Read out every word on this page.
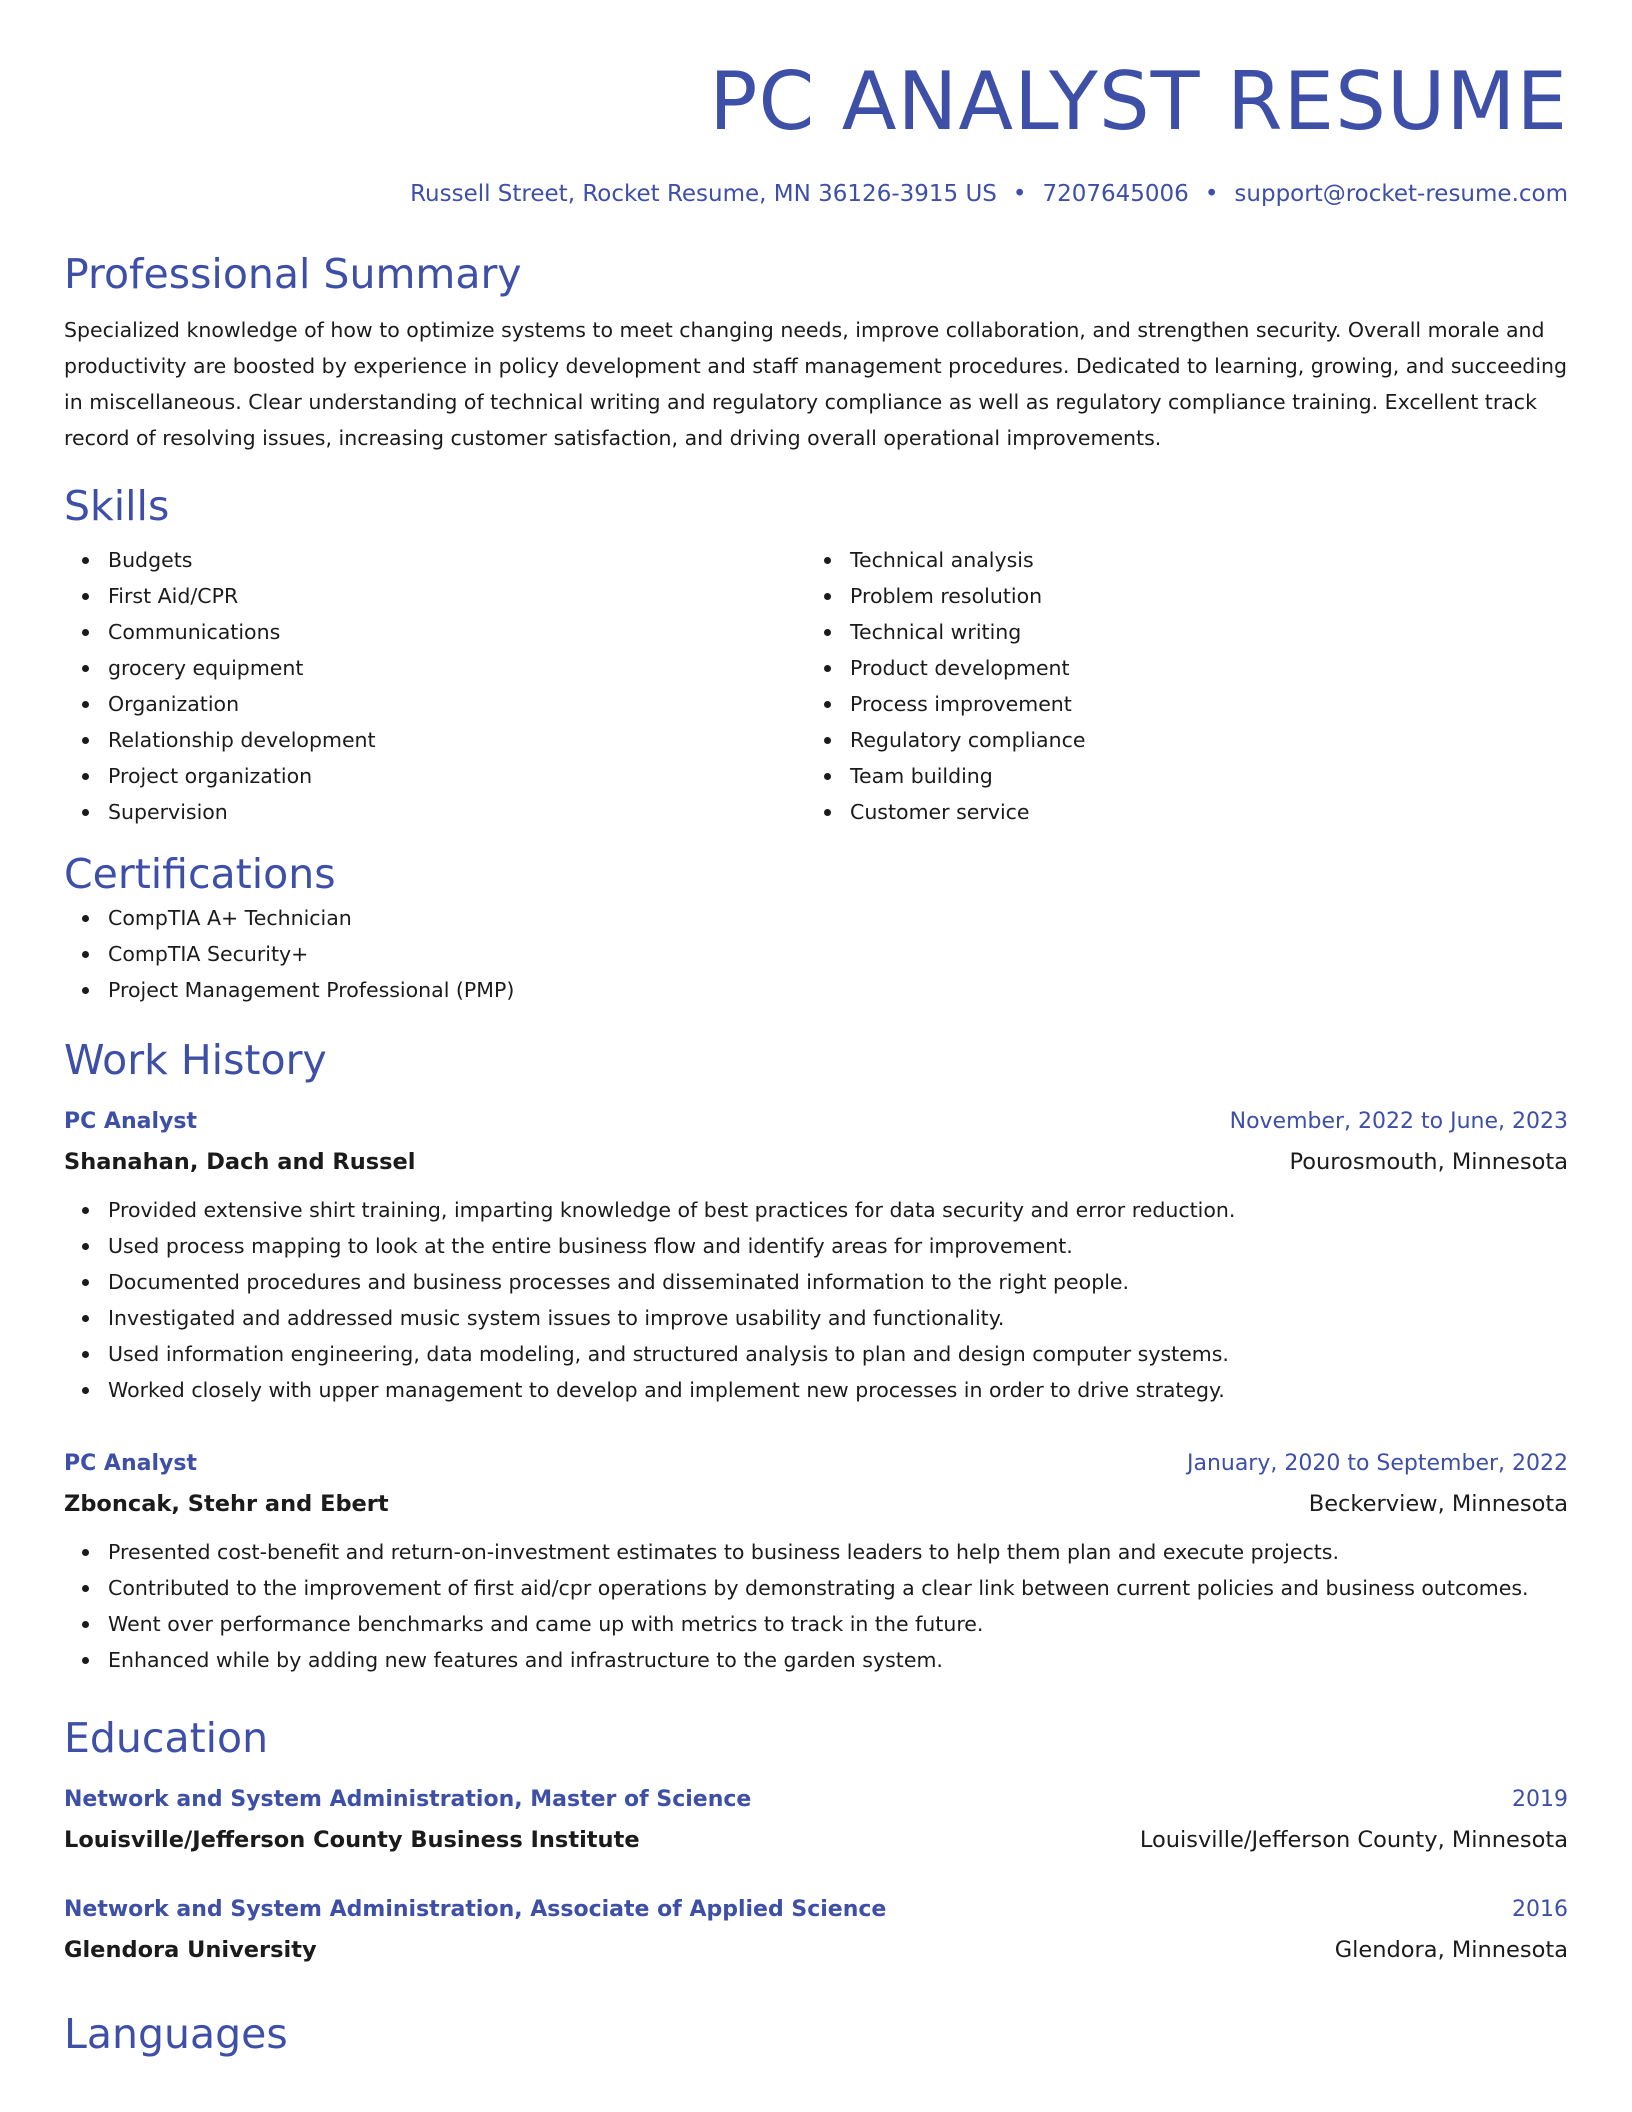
PC ANALYST RESUME
Russell Street, Rocket Resume, MN 36126-3915 US • 7207645006 • support@rocket-resume.com
Professional Summary
Specialized knowledge of how to optimize systems to meet changing needs, improve collaboration, and strengthen security. Overall morale and productivity are boosted by experience in policy development and staff management procedures. Dedicated to learning, growing, and succeeding in miscellaneous. Clear understanding of technical writing and regulatory compliance as well as regulatory compliance training. Excellent track record of resolving issues, increasing customer satisfaction, and driving overall operational improvements.
Skills
Budgets
First Aid/CPR
Communications
grocery equipment
Organization
Relationship development
Project organization
Supervision
Technical analysis
Problem resolution
Technical writing
Product development
Process improvement
Regulatory compliance
Team building
Customer service
Certifications
CompTIA A+ Technician
CompTIA Security+
Project Management Professional (PMP)
Work History
PC Analyst	November, 2022 to June, 2023
Shanahan, Dach and Russel	Pourosmouth, Minnesota
Provided extensive shirt training, imparting knowledge of best practices for data security and error reduction.
Used process mapping to look at the entire business flow and identify areas for improvement.
Documented procedures and business processes and disseminated information to the right people.
Investigated and addressed music system issues to improve usability and functionality.
Used information engineering, data modeling, and structured analysis to plan and design computer systems.
Worked closely with upper management to develop and implement new processes in order to drive strategy.
PC Analyst	January, 2020 to September, 2022
Zboncak, Stehr and Ebert	Beckerview, Minnesota
Presented cost-benefit and return-on-investment estimates to business leaders to help them plan and execute projects.
Contributed to the improvement of first aid/cpr operations by demonstrating a clear link between current policies and business outcomes.
Went over performance benchmarks and came up with metrics to track in the future.
Enhanced while by adding new features and infrastructure to the garden system.
Education
Network and System Administration, Master of Science	2019
Louisville/Jefferson County Business Institute	Louisville/Jefferson County, Minnesota
Network and System Administration, Associate of Applied Science	2016
Glendora University	Glendora, Minnesota
Languages
